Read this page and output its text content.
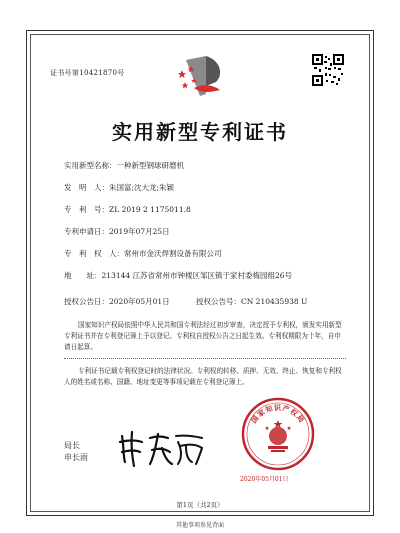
证书号第10421870号
实用新型专利证书
实用新型名称：一种新型钢球研磨机
发　明　人：朱国富;沈大龙;朱颖
专　利　号：ZL 2019 2 1175011.8
专利申请日：2019年07月25日
专　利　权　人：常州市金沃焊割设备有限公司
地　　址：213144 江苏省常州市钟楼区邹区镇于家村委梅园组26号
授权公告日：2020年05月01日	授权公告号：CN 210435938 U

国家知识产权局依照中华人民共和国专利法经过初步审查，决定授予专利权，颁发实用新型专利证书并在专利登记簿上予以登记。专利权自授权公告之日起生效。专利权期限为十年，自申请日起算。

专利证书记载专利权登记时的法律状况。专利权的转移、质押、无效、终止、恢复和专利权人的姓名或名称、国籍、地址变更等事项记载在专利登记簿上。

局长
申长雨
国家知识产权局
2020年05月01日
第1页（共2页）
其他事项参见背面
